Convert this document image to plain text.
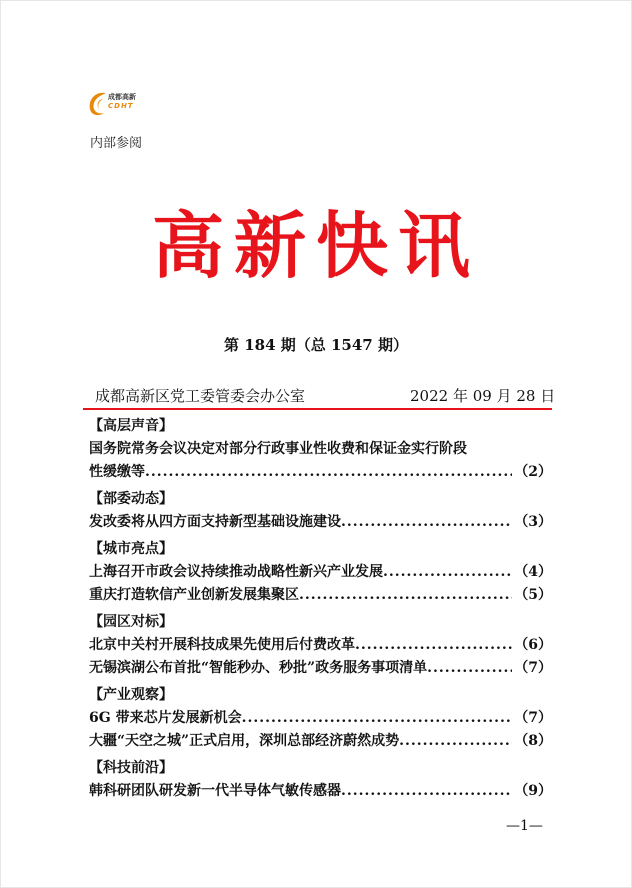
成都高新
CDHT
内部参阅
高新快讯
第 184 期（总 1547 期）
成都高新区党工委管委会办公室	2022 年 09 月 28 日
【高层声音】
国务院常务会议决定对部分行政事业性收费和保证金实行阶段
性缓缴等 .....	（2）
【部委动态】
发改委将从四方面支持新型基础设施建设 .....	（3）
【城市亮点】
上海召开市政会议持续推动战略性新兴产业发展 .....	（4）
重庆打造软信产业创新发展集聚区 .....	（5）
【园区对标】
北京中关村开展科技成果先使用后付费改革 .....	（6）
无锡滨湖公布首批“智能秒办、秒批”政务服务事项清单 .....	（7）
【产业观察】
6G 带来芯片发展新机会 .....	（7）
大疆“天空之城”正式启用，深圳总部经济蔚然成势 .....	（8）
【科技前沿】
韩科研团队研发新一代半导体气敏传感器 .....	（9）
—1—
